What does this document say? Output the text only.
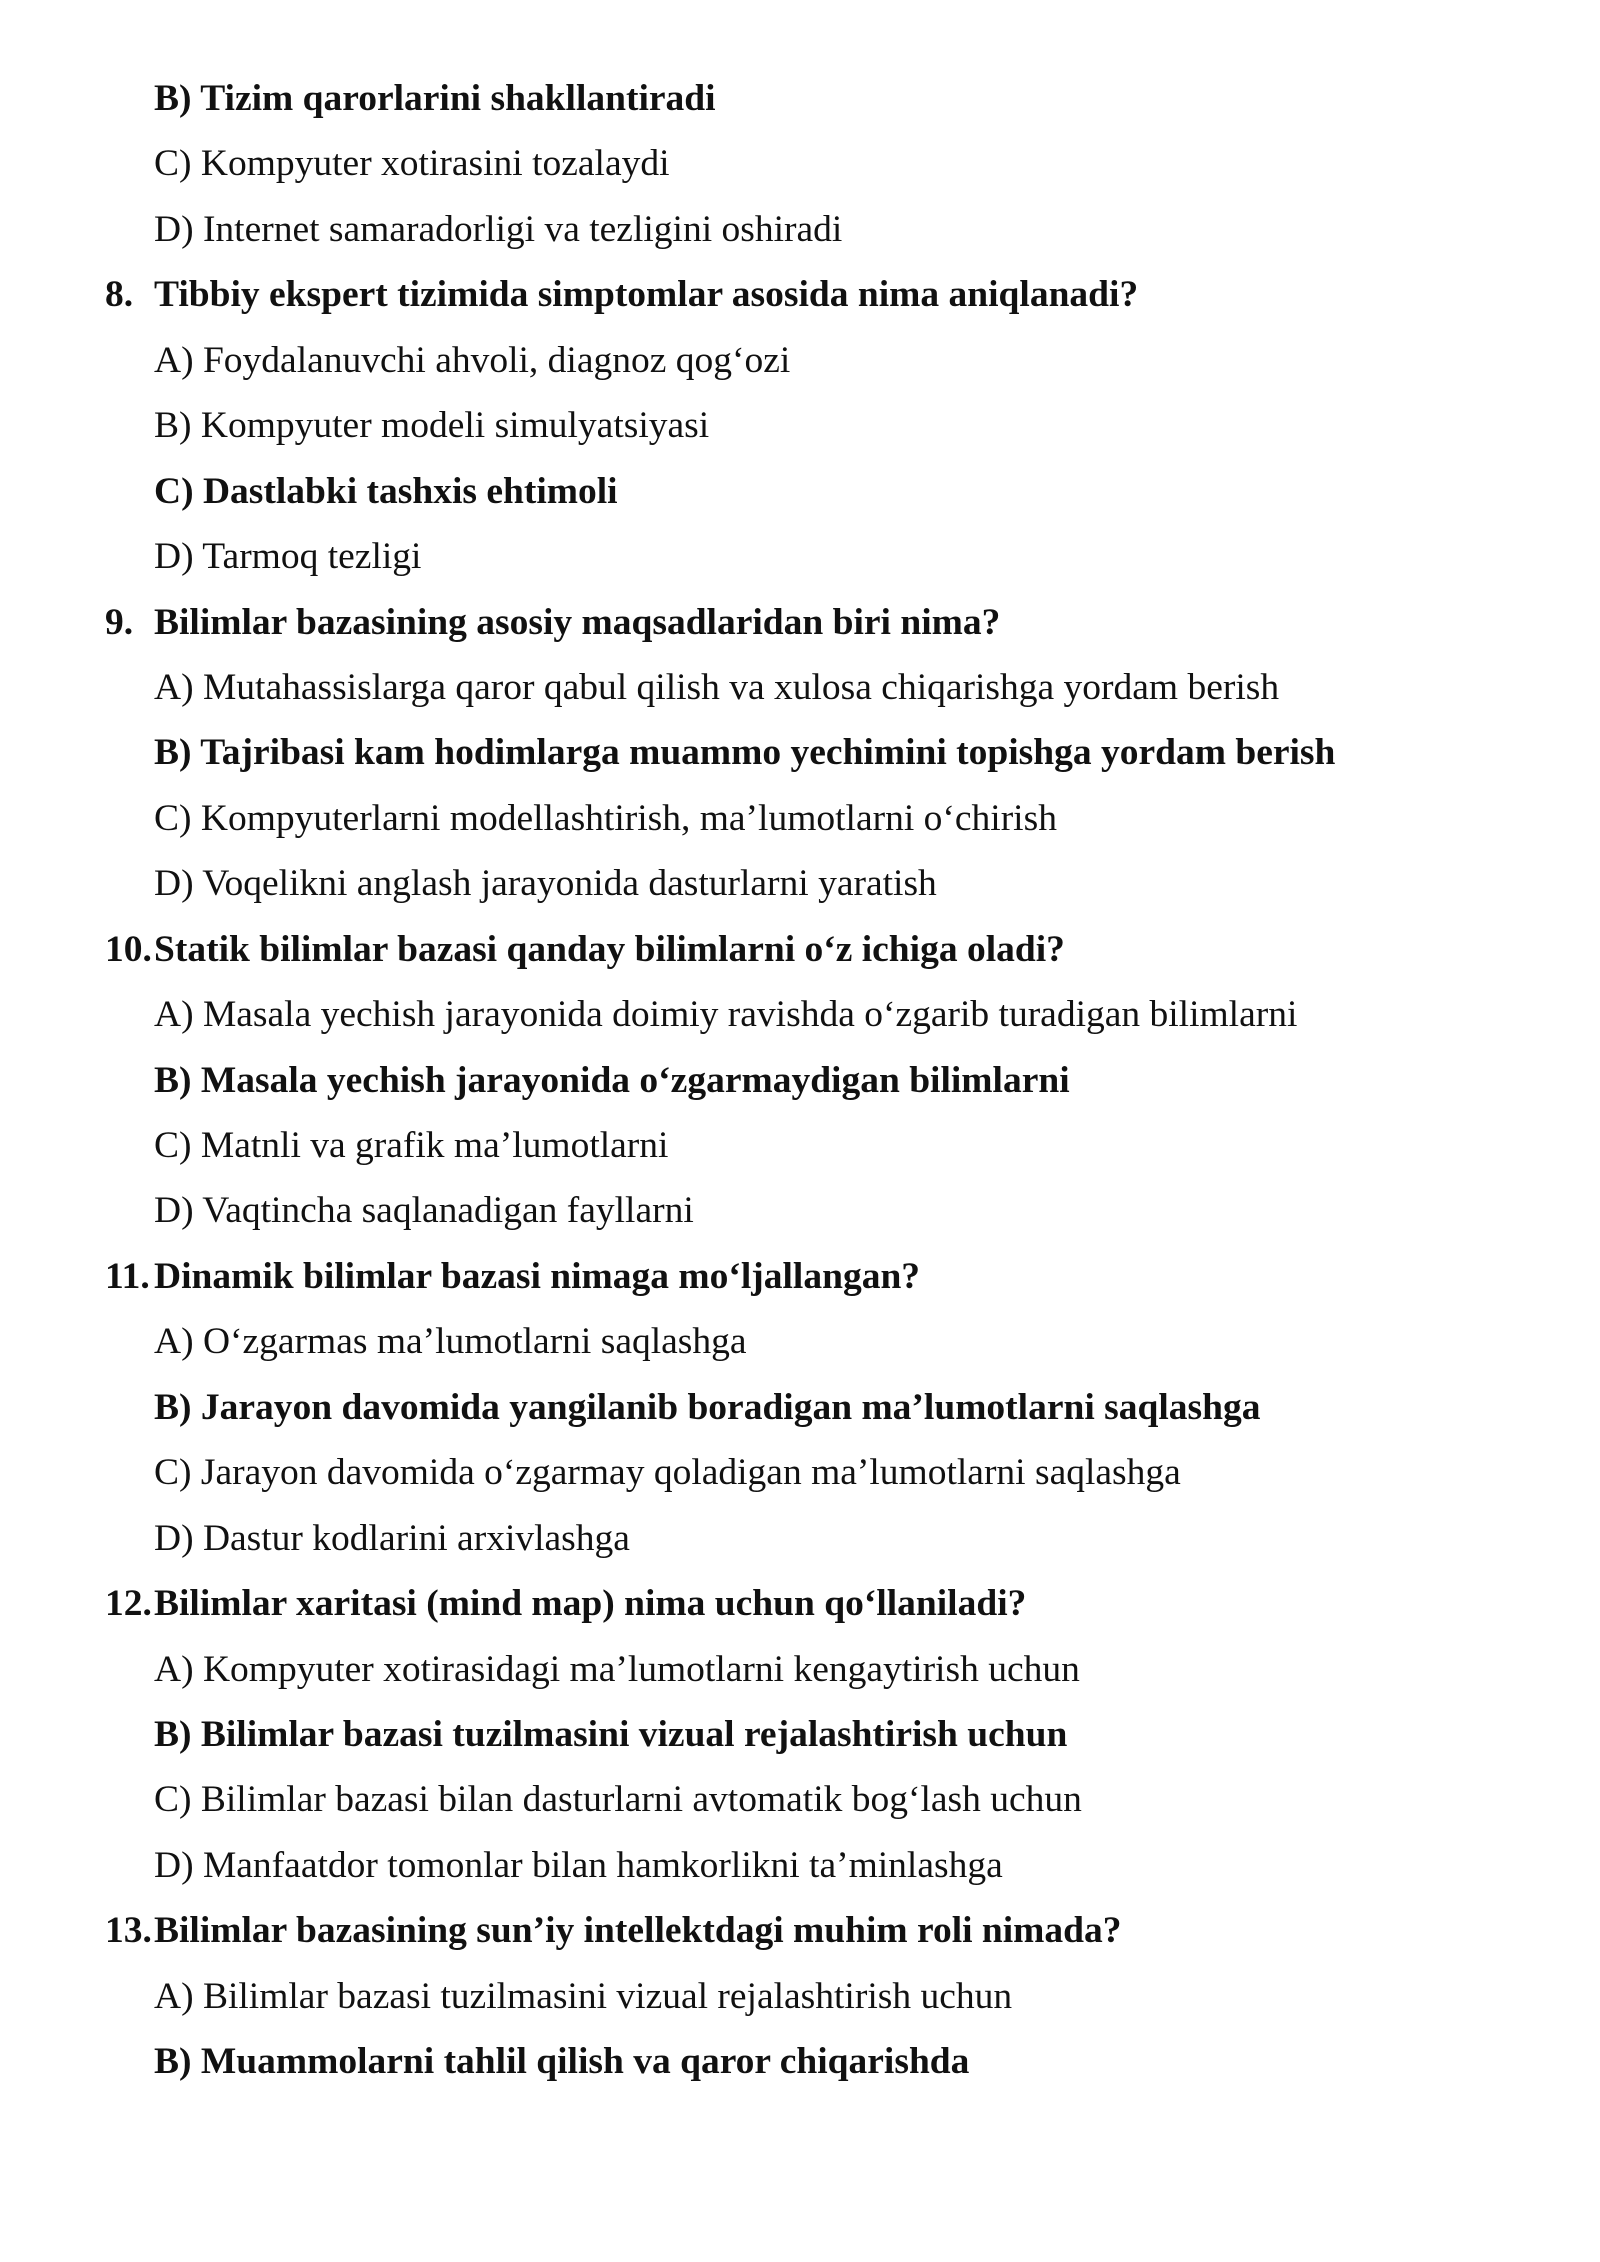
B) Tizim qarorlarini shakllantiradi
C) Kompyuter xotirasini tozalaydi
D) Internet samaradorligi va tezligini oshiradi
8. Tibbiy ekspert tizimida simptomlar asosida nima aniqlanadi?
A) Foydalanuvchi ahvoli, diagnoz qog‘ozi
B) Kompyuter modeli simulyatsiyasi
C) Dastlabki tashxis ehtimoli
D) Tarmoq tezligi
9. Bilimlar bazasining asosiy maqsadlaridan biri nima?
A) Mutahassislarga qaror qabul qilish va xulosa chiqarishga yordam berish
B) Tajribasi kam hodimlarga muammo yechimini topishga yordam berish
C) Kompyuterlarni modellashtirish, ma’lumotlarni o‘chirish
D) Voqelikni anglash jarayonida dasturlarni yaratish
10.Statik bilimlar bazasi qanday bilimlarni o‘z ichiga oladi?
A) Masala yechish jarayonida doimiy ravishda o‘zgarib turadigan bilimlarni
B) Masala yechish jarayonida o‘zgarmaydigan bilimlarni
C) Matnli va grafik ma’lumotlarni
D) Vaqtincha saqlanadigan fayllarni
11. Dinamik bilimlar bazasi nimaga mo‘ljallangan?
A) O‘zgarmas ma’lumotlarni saqlashga
B) Jarayon davomida yangilanib boradigan ma’lumotlarni saqlashga
C) Jarayon davomida o‘zgarmay qoladigan ma’lumotlarni saqlashga
D) Dastur kodlarini arxivlashga
12.Bilimlar xaritasi (mind map) nima uchun qo‘llaniladi?
A) Kompyuter xotirasidagi ma’lumotlarni kengaytirish uchun
B) Bilimlar bazasi tuzilmasini vizual rejalashtirish uchun
C) Bilimlar bazasi bilan dasturlarni avtomatik bog‘lash uchun
D) Manfaatdor tomonlar bilan hamkorlikni ta’minlashga
13.Bilimlar bazasining sun’iy intellektdagi muhim roli nimada?
A) Bilimlar bazasi tuzilmasini vizual rejalashtirish uchun
B) Muammolarni tahlil qilish va qaror chiqarishda
